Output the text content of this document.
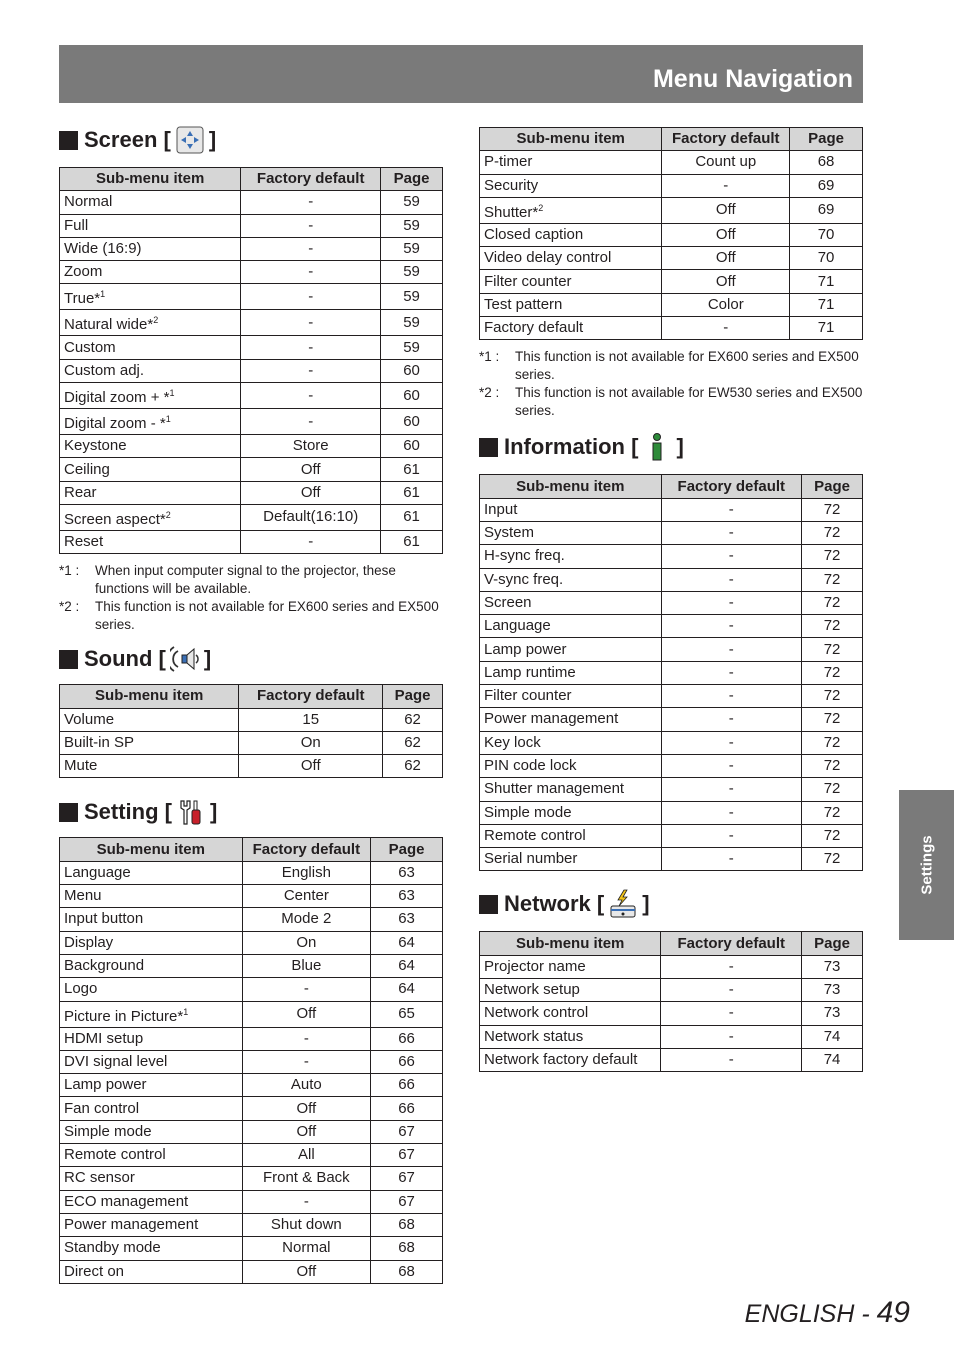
Menu Navigation
Screen [ ]
Sub-menu item	Factory default	Page
Normal	-	59
Full	-	59
Wide (16:9)	-	59
Zoom	-	59
True*$^1$	-	59
Natural wide*$^2$	-	59
Custom	-	59
Custom adj.	-	60
Digital zoom + *$^1$	-	60
Digital zoom - *$^1$	-	60
Keystone	Store	60
Ceiling	Off	61
Rear	Off	61
Screen aspect*$^2$	Default(16:10)	61
Reset	-	61
*1 :	When input computer signal to the projector, these functions will be available.
*2 :	This function is not available for EX600 series and EX500 series.
Sound [ ]
Sub-menu item	Factory default	Page
Volume	15	62
Built-in SP	On	62
Mute	Off	62
Setting [ ]
Sub-menu item	Factory default	Page
Language	English	63
Menu	Center	63
Input button	Mode 2	63
Display	On	64
Background	Blue	64
Logo	-	64
Picture in Picture*$^1$	Off	65
HDMI setup	-	66
DVI signal level	-	66
Lamp power	Auto	66
Fan control	Off	66
Simple mode	Off	67
Remote control	All	67
RC sensor	Front & Back	67
ECO management	-	67
Power management	Shut down	68
Standby mode	Normal	68
Direct on	Off	68
Sub-menu item	Factory default	Page
P-timer	Count up	68
Security	-	69
Shutter*$^2$	Off	69
Closed caption	Off	70
Video delay control	Off	70
Filter counter	Off	71
Test pattern	Color	71
Factory default	-	71
*1 :	This function is not available for EX600 series and EX500 series.
*2 :	This function is not available for EW530 series and EX500 series.
Information [ ]
Sub-menu item	Factory default	Page
Input	-	72
System	-	72
H-sync freq.	-	72
V-sync freq.	-	72
Screen	-	72
Language	-	72
Lamp power	-	72
Lamp runtime	-	72
Filter counter	-	72
Power management	-	72
Key lock	-	72
PIN code lock	-	72
Shutter management	-	72
Simple mode	-	72
Remote control	-	72
Serial number	-	72
Network [ ]
Sub-menu item	Factory default	Page
Projector name	-	73
Network setup	-	73
Network control	-	73
Network status	-	74
Network factory default	-	74
Settings
ENGLISH - 49
